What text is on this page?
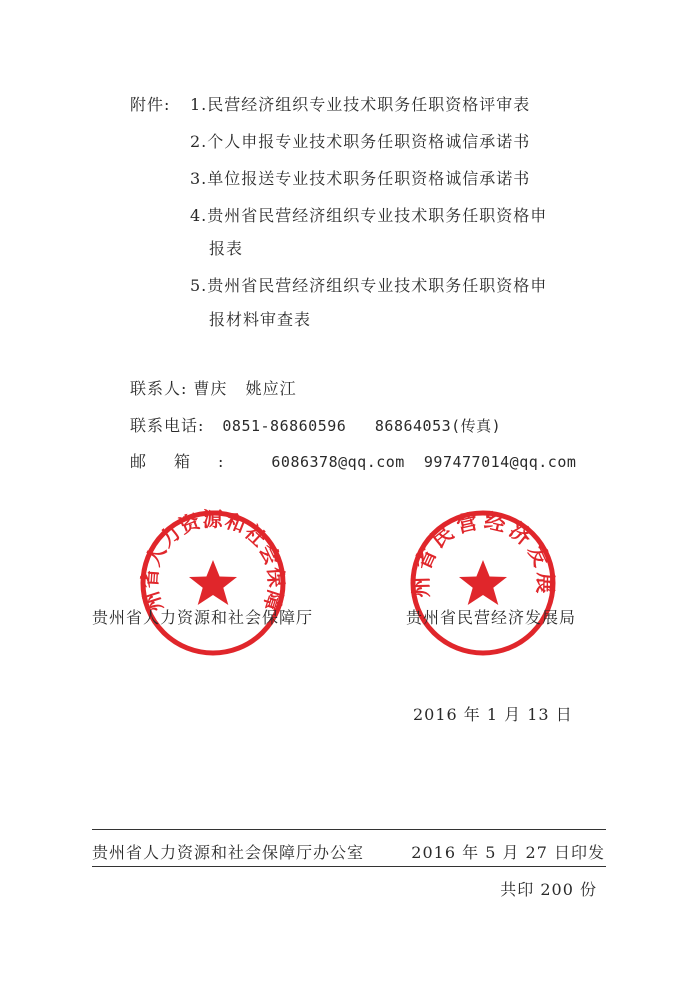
附件: 1.民营经济组织专业技术职务任职资格评审表
2.个人申报专业技术职务任职资格诚信承诺书
3.单位报送专业技术职务任职资格诚信承诺书
4.贵州省民营经济组织专业技术职务任职资格申
报表
5.贵州省民营经济组织专业技术职务任职资格申
报材料审查表
联系人: 曹庆   姚应江
联系电话: 0851-86860596   86864053(传真)
邮箱: 6086378@qq.com  997477014@qq.com
贵州省人力资源和社会保障厅	贵州省民营经济发展局
贵州省人力资源和社会保障厅	贵州省民营经济发展局
2016 年 1 月 13 日
贵州省人力资源和社会保障厅办公室	2016 年 5 月 27 日印发
共印 200 份
